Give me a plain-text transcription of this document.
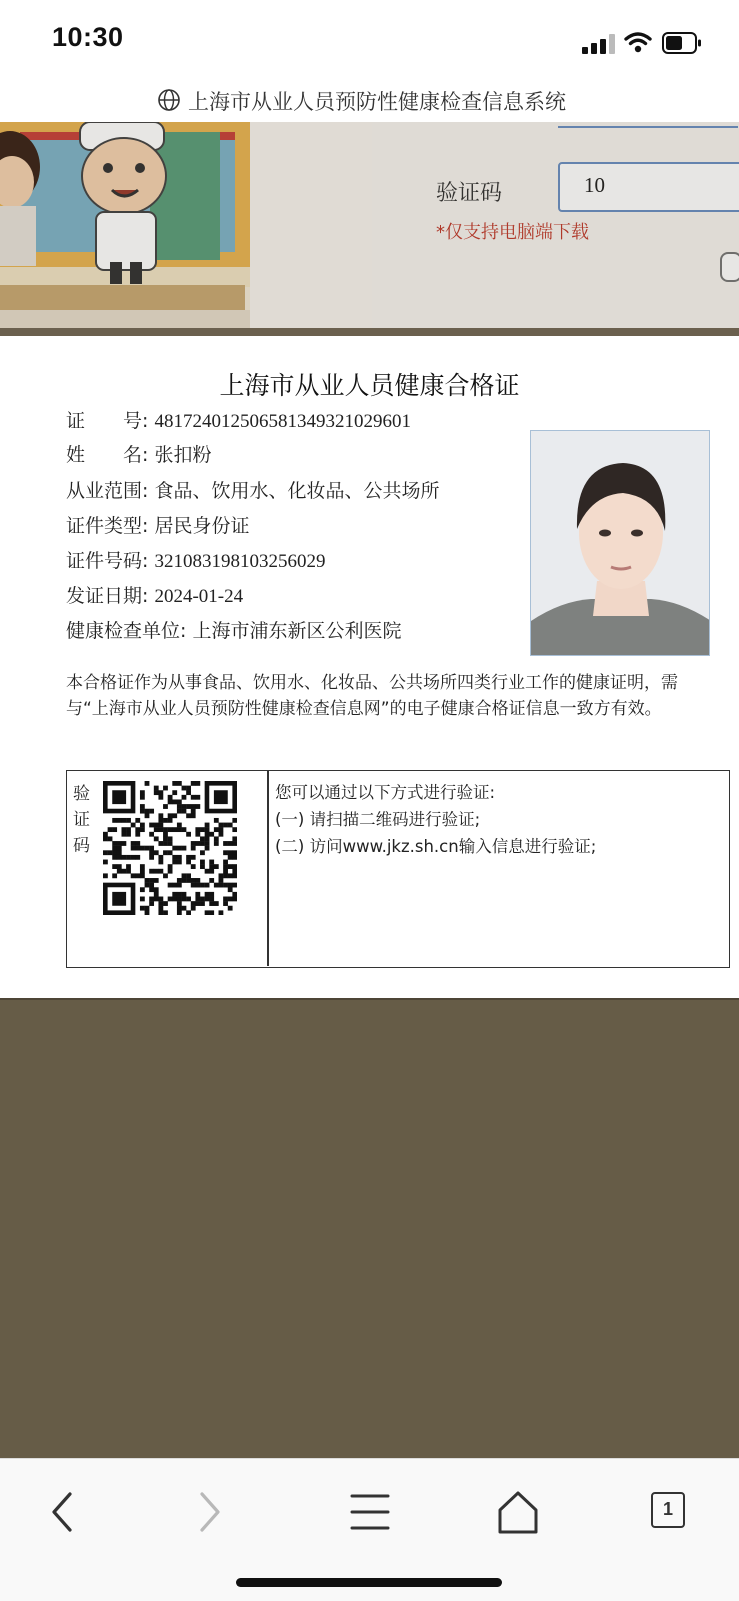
10:30
上海市从业人员预防性健康检查信息系统
验证码	10
*仅支持电脑端下载
上海市从业人员健康合格证
证　　号: 481724012506581349321029601
姓　　名: 张扣粉
从业范围: 食品、饮用水、化妆品、公共场所
证件类型: 居民身份证
证件号码: 321083198103256029
发证日期: 2024-01-24
健康检查单位: 上海市浦东新区公利医院
本合格证作为从事食品、饮用水、化妆品、公共场所四类行业工作的健康证明，需 与“上海市从业人员预防性健康检查信息网”的电子健康合格证信息一致方有效。
验证码
您可以通过以下方式进行验证:
(一) 请扫描二维码进行验证;
(二) 访问www.jkz.sh.cn输入信息进行验证;
1
